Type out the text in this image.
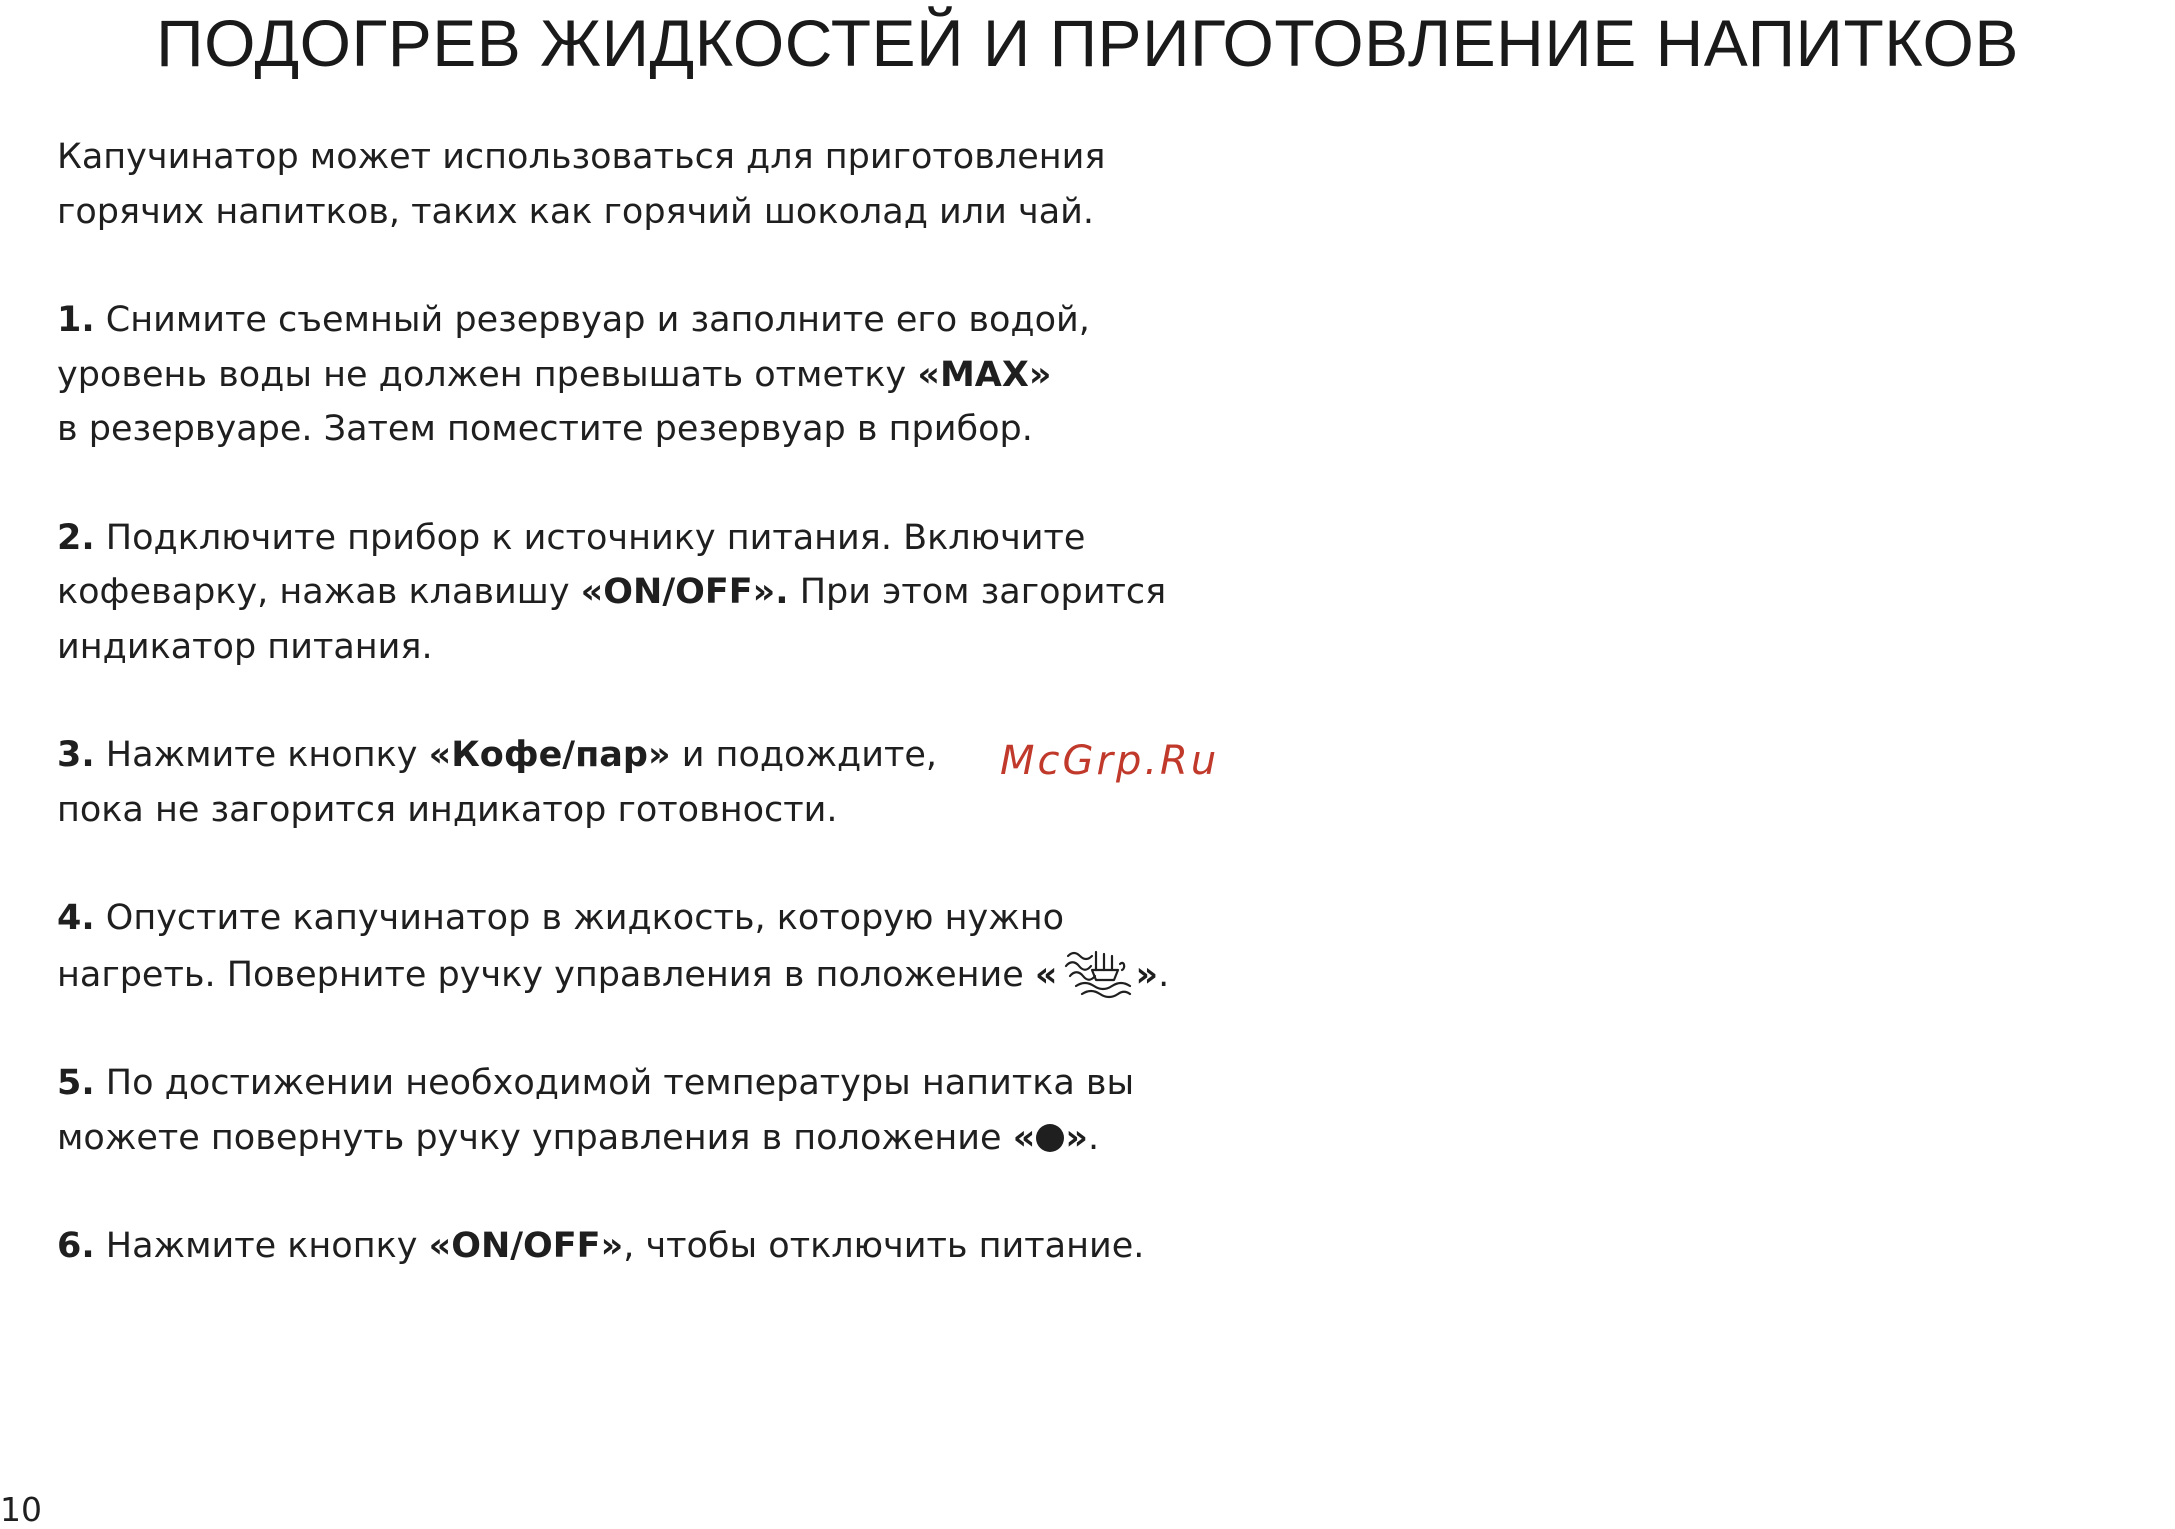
ПОДОГРЕВ ЖИДКОСТЕЙ И ПРИГОТОВЛЕНИЕ НАПИТКОВ

Капучинатор может использоваться для приготовления
горячих напитков, таких как горячий шоколад или чай.

1. Снимите съемный резервуар и заполните его водой,
уровень воды не должен превышать отметку «MAX»
в резервуаре. Затем поместите резервуар в прибор.

2. Подключите прибор к источнику питания. Включите
кофеварку, нажав клавишу «ON/OFF». При этом загорится
индикатор питания.

3. Нажмите кнопку «Кофе/пар» и подождите,
пока не загорится индикатор готовности.

4. Опустите капучинатор в жидкость, которую нужно
нагреть. Поверните ручку управления в положение « ».

5. По достижении необходимой температуры напитка вы
можете повернуть ручку управления в положение « ».

6. Нажмите кнопку «ON/OFF», чтобы отключить питание.

McGrp.Ru
10
